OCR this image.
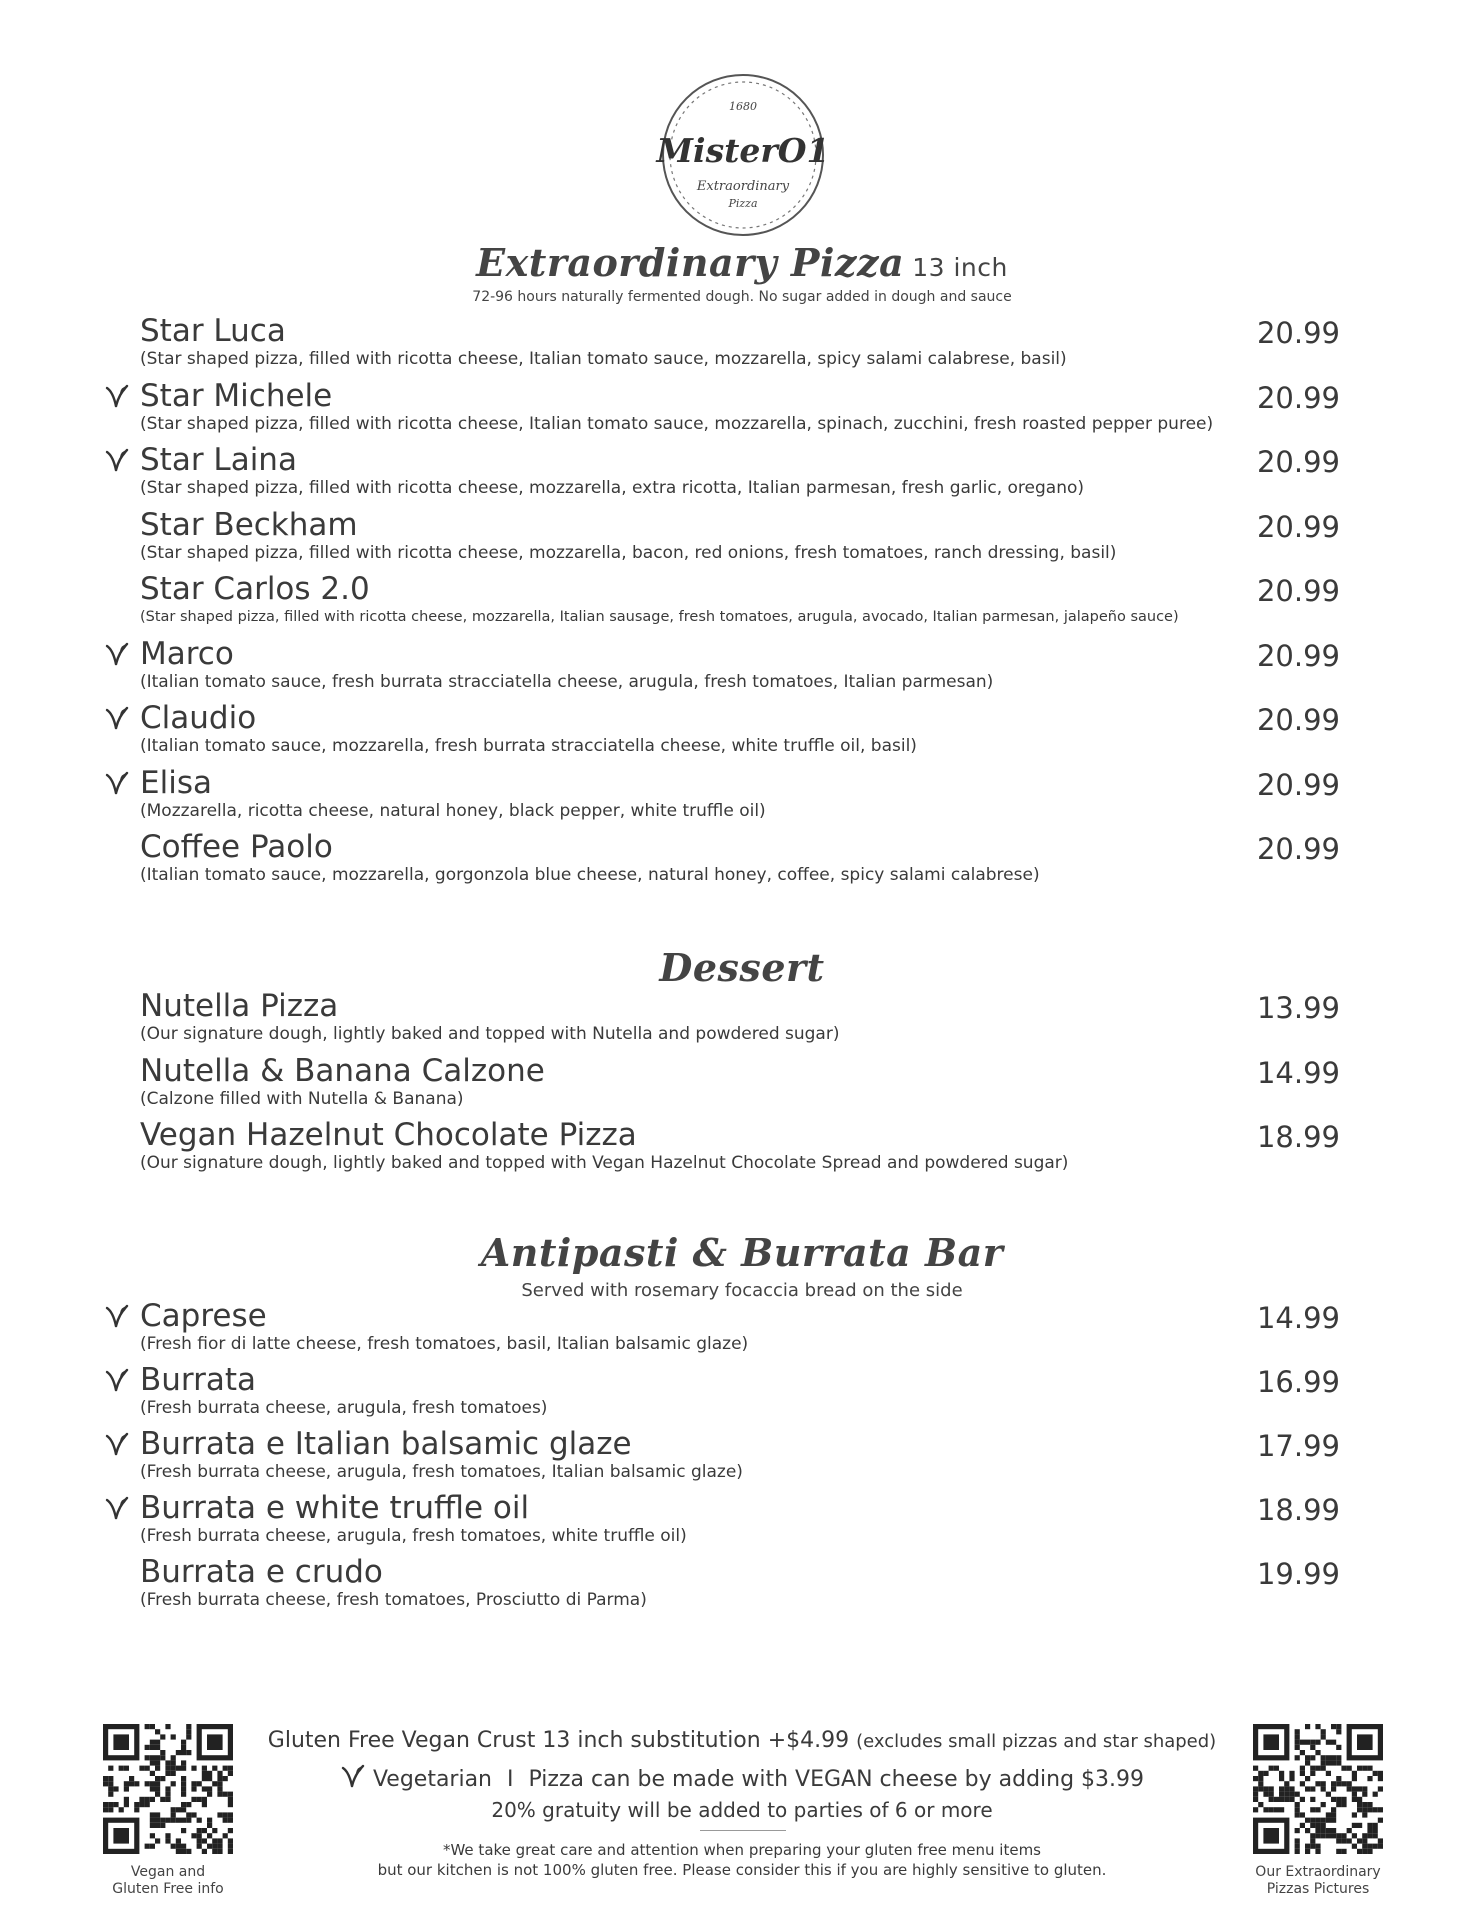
1680
MisterO1
Extraordinary
Pizza
Extraordinary Pizza 13 inch
72-96 hours naturally fermented dough. No sugar added in dough and sauce
Star Luca
(Star shaped pizza, filled with ricotta cheese, Italian tomato sauce, mozzarella, spicy salami calabrese, basil)
20.99
Star Michele
(Star shaped pizza, filled with ricotta cheese, Italian tomato sauce, mozzarella, spinach, zucchini, fresh roasted pepper puree)
20.99
Star Laina
(Star shaped pizza, filled with ricotta cheese, mozzarella, extra ricotta, Italian parmesan, fresh garlic, oregano)
20.99
Star Beckham
(Star shaped pizza, filled with ricotta cheese, mozzarella, bacon, red onions, fresh tomatoes, ranch dressing, basil)
20.99
Star Carlos 2.0
(Star shaped pizza, filled with ricotta cheese, mozzarella, Italian sausage, fresh tomatoes, arugula, avocado, Italian parmesan, jalapeño sauce)
20.99
Marco
(Italian tomato sauce, fresh burrata stracciatella cheese, arugula, fresh tomatoes, Italian parmesan)
20.99
Claudio
(Italian tomato sauce, mozzarella, fresh burrata stracciatella cheese, white truffle oil, basil)
20.99
Elisa
(Mozzarella, ricotta cheese, natural honey, black pepper, white truffle oil)
20.99
Coffee Paolo
(Italian tomato sauce, mozzarella, gorgonzola blue cheese, natural honey, coffee, spicy salami calabrese)
20.99
Dessert
Nutella Pizza
(Our signature dough, lightly baked and topped with Nutella and powdered sugar)
13.99
Nutella & Banana Calzone
(Calzone filled with Nutella & Banana)
14.99
Vegan Hazelnut Chocolate Pizza
(Our signature dough, lightly baked and topped with Vegan Hazelnut Chocolate Spread and powdered sugar)
18.99
Antipasti & Burrata Bar
Served with rosemary focaccia bread on the side
Caprese
(Fresh fior di latte cheese, fresh tomatoes, basil, Italian balsamic glaze)
14.99
Burrata
(Fresh burrata cheese, arugula, fresh tomatoes)
16.99
Burrata e Italian balsamic glaze
(Fresh burrata cheese, arugula, fresh tomatoes, Italian balsamic glaze)
17.99
Burrata e white truffle oil
(Fresh burrata cheese, arugula, fresh tomatoes, white truffle oil)
18.99
Burrata e crudo
(Fresh burrata cheese, fresh tomatoes, Prosciutto di Parma)
19.99
Vegan and
Gluten Free info
Our Extraordinary
Pizzas Pictures
Gluten Free Vegan Crust 13 inch substitution +$4.99 (excludes small pizzas and star shaped)
Vegetarian I Pizza can be made with VEGAN cheese by adding $3.99
20% gratuity will be added to parties of 6 or more
*We take great care and attention when preparing your gluten free menu items
but our kitchen is not 100% gluten free. Please consider this if you are highly sensitive to gluten.
